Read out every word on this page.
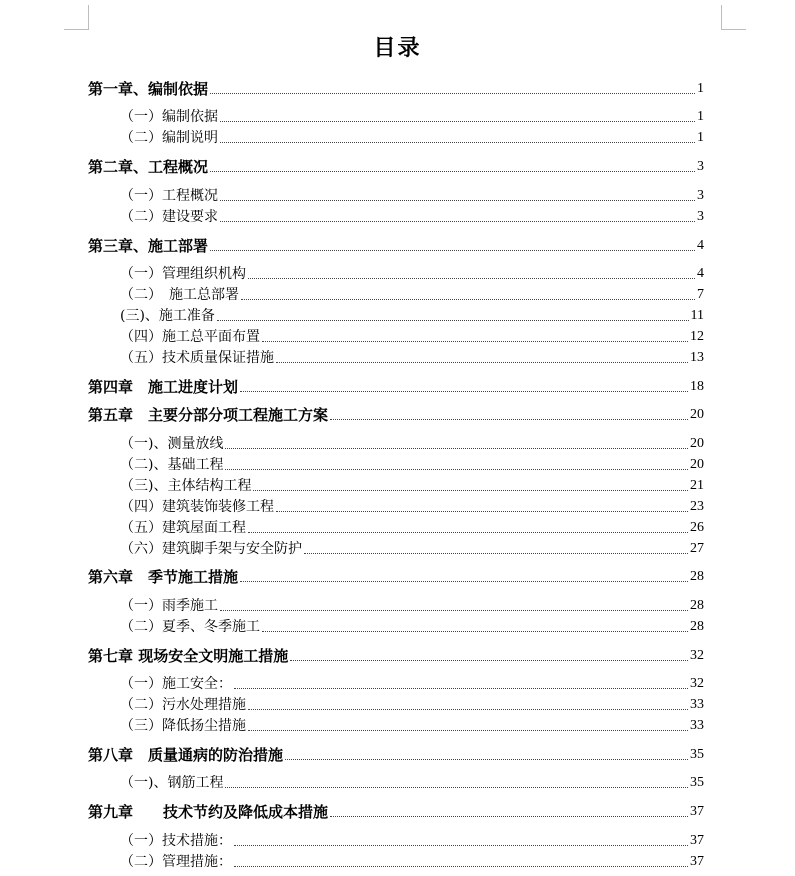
目录
第一章、编制依据	1
（一）编制依据	1
（二）编制说明	1
第二章、工程概况	3
（一）工程概况	3
（二）建设要求	3
第三章、施工部署	4
（一）管理组织机构	4
（二）　施工总部署	7
(三)、施工准备	11
（四）施工总平面布置	12
（五）技术质量保证措施	13
第四章　施工进度计划	18
第五章　主要分部分项工程施工方案	20
（一)、测量放线	20
（二)、基础工程	20
（三)、主体结构工程	21
（四）建筑装饰装修工程	23
（五）建筑屋面工程	26
（六）建筑脚手架与安全防护	27
第六章　季节施工措施	28
（一）雨季施工	28
（二）夏季、冬季施工	28
第七章 现场安全文明施工措施	32
（一）施工安全：	32
（二）污水处理措施	33
（三）降低扬尘措施	33
第八章　质量通病的防治措施	35
（一)、钢筋工程	35
第九章　　技术节约及降低成本措施	37
（一）技术措施：	37
（二）管理措施：	37
